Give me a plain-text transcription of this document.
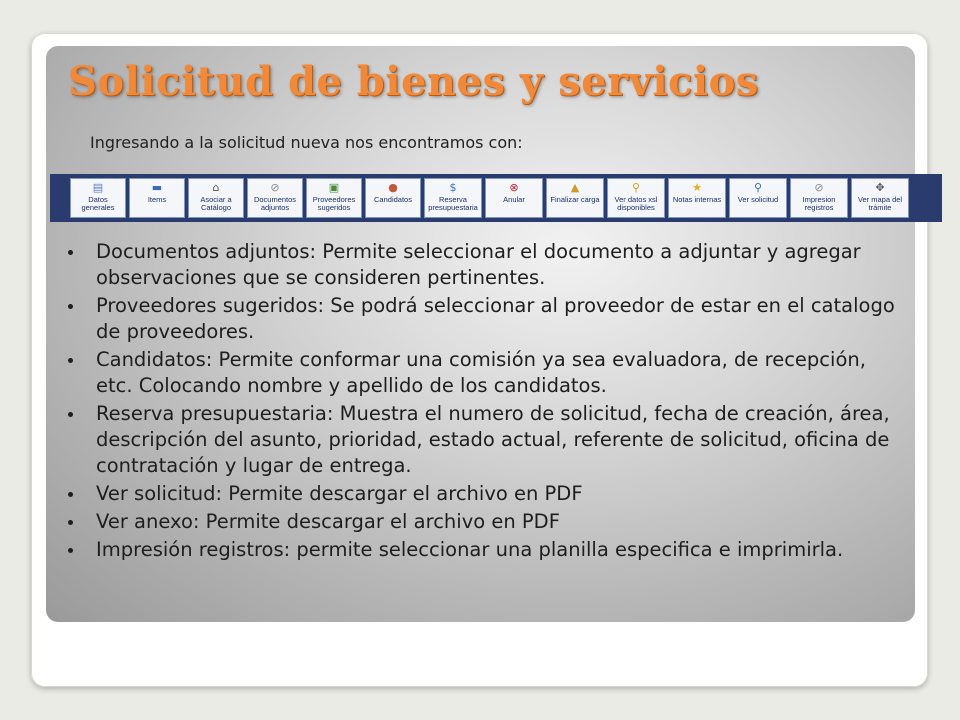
Solicitud de bienes y servicios
Ingresando a la solicitud nueva nos encontramos con:
▤
Datos
generales
▬
Items
⌂
Asociar a
Catálogo
⊘
Documentos
adjuntos
▣
Proveedores
sugeridos
●
Candidatos
$
Reserva
presupuestaria
⊗
Anular
▲
Finalizar carga
⚲
Ver datos xsl
disponibles
★
Notas internas
⚲
Ver solicitud
⊘
Impresion
registros
✥
Ver mapa del
trámite
Documentos adjuntos: Permite seleccionar el documento a adjuntar y agregar observaciones que se consideren pertinentes.
Proveedores sugeridos: Se podrá seleccionar al proveedor de estar en el catalogo de proveedores.
Candidatos: Permite conformar una comisión ya sea evaluadora, de recepción, etc. Colocando nombre y apellido de los candidatos.
Reserva presupuestaria: Muestra el numero de solicitud, fecha de creación, área, descripción del asunto, prioridad, estado actual, referente de solicitud, oficina de contratación y lugar de entrega.
Ver solicitud: Permite descargar el archivo en PDF
Ver anexo: Permite descargar el archivo en PDF
Impresión registros: permite seleccionar una planilla especifica e imprimirla.
